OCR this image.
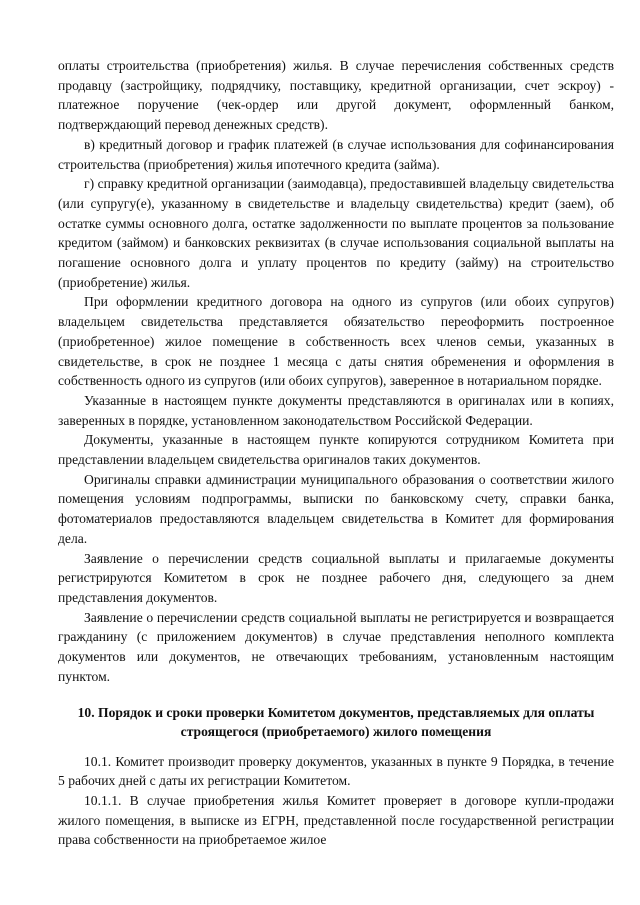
оплаты строительства (приобретения) жилья. В случае перечисления собственных средств продавцу (застройщику, подрядчику, поставщику, кредитной организации, счет эскроу) - платежное поручение (чек-ордер или другой документ, оформленный банком, подтверждающий перевод денежных средств).

в) кредитный договор и график платежей (в случае использования для софинансирования строительства (приобретения) жилья ипотечного кредита (займа).

г) справку кредитной организации (заимодавца), предоставившей владельцу свидетельства (или супругу(е), указанному в свидетельстве и владельцу свидетельства) кредит (заем), об остатке суммы основного долга, остатке задолженности по выплате процентов за пользование кредитом (займом) и банковских реквизитах (в случае использования социальной выплаты на погашение основного долга и уплату процентов по кредиту (займу) на строительство (приобретение) жилья.

При оформлении кредитного договора на одного из супругов (или обоих супругов) владельцем свидетельства представляется обязательство переоформить построенное (приобретенное) жилое помещение в собственность всех членов семьи, указанных в свидетельстве, в срок не позднее 1 месяца с даты снятия обременения и оформления в собственность одного из супругов (или обоих супругов), заверенное в нотариальном порядке.

Указанные в настоящем пункте документы представляются в оригиналах или в копиях, заверенных в порядке, установленном законодательством Российской Федерации.

Документы, указанные в настоящем пункте копируются сотрудником Комитета при представлении владельцем свидетельства оригиналов таких документов.

Оригиналы справки администрации муниципального образования о соответствии жилого помещения условиям подпрограммы, выписки по банковскому счету, справки банка, фотоматериалов предоставляются владельцем свидетельства в Комитет для формирования дела.

Заявление о перечислении средств социальной выплаты и прилагаемые документы регистрируются Комитетом в срок не позднее рабочего дня, следующего за днем представления документов.

Заявление о перечислении средств социальной выплаты не регистрируется и возвращается гражданину (с приложением документов) в случае представления неполного комплекта документов или документов, не отвечающих требованиям, установленным настоящим пунктом.

10. Порядок и сроки проверки Комитетом документов, представляемых для оплаты строящегося (приобретаемого) жилого помещения

10.1. Комитет производит проверку документов, указанных в пункте 9 Порядка, в течение 5 рабочих дней с даты их регистрации Комитетом.

10.1.1. В случае приобретения жилья Комитет проверяет в договоре купли-продажи жилого помещения, в выписке из ЕГРН, представленной после государственной регистрации права собственности на приобретаемое жилое
